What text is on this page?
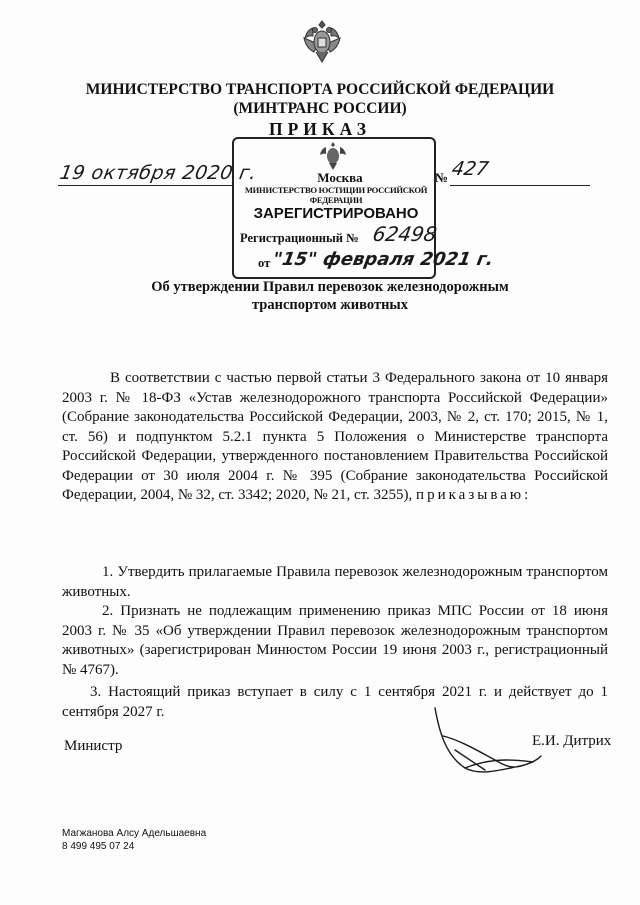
МИНИСТЕРСТВО ТРАНСПОРТА РОССИЙСКОЙ ФЕДЕРАЦИИ
(МИНТРАНС РОССИИ)
ПРИКАЗ
19 октября 2020 г.	№ 427
Москва
МИНИСТЕРСТВО ЮСТИЦИИ РОССИЙСКОЙ ФЕДЕРАЦИИ
ЗАРЕГИСТРИРОВАНО
Регистрационный № 62498
от "15" февраля 2021 г.
Об утверждении Правил перевозок железнодорожным
транспортом животных
В соответствии с частью первой статьи 3 Федерального закона от 10 января 2003 г. № 18-ФЗ «Устав железнодорожного транспорта Российской Федерации» (Собрание законодательства Российской Федерации, 2003, № 2, ст. 170; 2015, № 1, ст. 56) и подпунктом 5.2.1 пункта 5 Положения о Министерстве транспорта Российской Федерации, утвержденного постановлением Правительства Российской Федерации от 30 июля 2004 г. № 395 (Собрание законодательства Российской Федерации, 2004, № 32, ст. 3342; 2020, № 21, ст. 3255), приказываю:
1. Утвердить прилагаемые Правила перевозок железнодорожным транспортом животных.
2. Признать не подлежащим применению приказ МПС России от 18 июня 2003 г. № 35 «Об утверждении Правил перевозок железнодорожным транспортом животных» (зарегистрирован Минюстом России 19 июня 2003 г., регистрационный № 4767).
3. Настоящий приказ вступает в силу с 1 сентября 2021 г. и действует до 1 сентября 2027 г.
Министр	Е.И. Дитрих
Магжанова Алсу Адельшаевна
8 499 495 07 24
